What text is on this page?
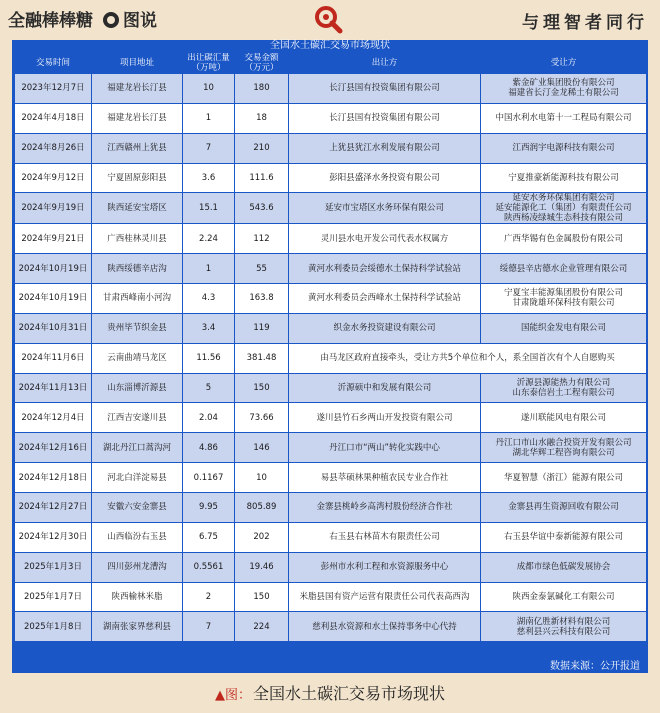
全融棒棒糖 图说	与理智者同行
全国水土碳汇交易市场现状
交易时间	项目地址	出让碳汇量
（万吨）	交易金额
（万元）	出让方	受让方
2023年12月7日	福建龙岩长汀县	10	180	长汀县国有投资集团有限公司	紫金矿业集团股份有限公司
福建省长汀金龙稀土有限公司
2024年4月18日	福建龙岩长汀县	1	18	长汀县国有投资集团有限公司	中国水利水电第十一工程局有限公司
2024年8月26日	江西赣州上犹县	7	210	上犹县犹江水利发展有限公司	江西润宇电源科技有限公司
2024年9月12日	宁夏固原彭阳县	3.6	111.6	彭阳县盛泽水务投资有限公司	宁夏推豪新能源科技有限公司
2024年9月19日	陕西延安宝塔区	15.1	543.6	延安市宝塔区水务环保有限公司	延安水务环保集团有限公司
延安能源化工（集团）有限责任公司
陕西杨凌绿城生态科技有限公司
2024年9月21日	广西桂林灵川县	2.24	112	灵川县水电开发公司代表水权属方	广西华锡有色金属股份有限公司
2024年10月19日	陕西绥德辛店沟	1	55	黄河水利委员会绥德水土保持科学试验站	绥德县辛店德水企业管理有限公司
2024年10月19日	甘肃西峰南小河沟	4.3	163.8	黄河水利委员会西峰水土保持科学试验站	宁夏宝丰能源集团股份有限公司
甘肃陇雄环保科技有限公司
2024年10月31日	贵州毕节织金县	3.4	119	织金水务投资建设有限公司	国能织金发电有限公司
2024年11月6日	云南曲靖马龙区	11.56	381.48	由马龙区政府直接牵头，受让方共5个单位和个人，系全国首次有个人自愿购买	
2024年11月13日	山东淄博沂源县	5	150	沂源硕中和发展有限公司	沂源县源能热力有限公司
山东泰信岩土工程有限公司
2024年12月4日	江西吉安遂川县	2.04	73.66	遂川县竹石乡两山开发投资有限公司	遂川联能风电有限公司
2024年12月16日	湖北丹江口蒿沟河	4.86	146	丹江口市“两山”转化实践中心	丹江口市山水融合投资开发有限公司
湖北华辉工程咨询有限公司
2024年12月18日	河北白洋淀易县	0.1167	10	易县萃硕林果种植农民专业合作社	华夏智慧（浙江）能源有限公司
2024年12月27日	安徽六安金寨县	9.95	805.89	金寨县桃岭乡高湾村股份经济合作社	金寨县再生资源回收有限公司
2024年12月30日	山西临汾右玉县	6.75	202	右玉县右林苗木有限责任公司	右玉县华谊中泰新能源有限公司
2025年1月3日	四川彭州龙漕沟	0.5561	19.46	彭州市水利工程和水资源服务中心	成都市绿色低碳发展协会
2025年1月7日	陕西榆林米脂	2	150	米脂县国有资产运营有限责任公司代表高西沟	陕西金泰氯碱化工有限公司
2025年1月8日	湖南张家界慈利县	7	224	慈利县水资源和水土保持事务中心代持	湖南亿胜新材料有限公司
慈利县兴云科技有限公司
数据来源：公开报道
▲图： 全国水土碳汇交易市场现状
